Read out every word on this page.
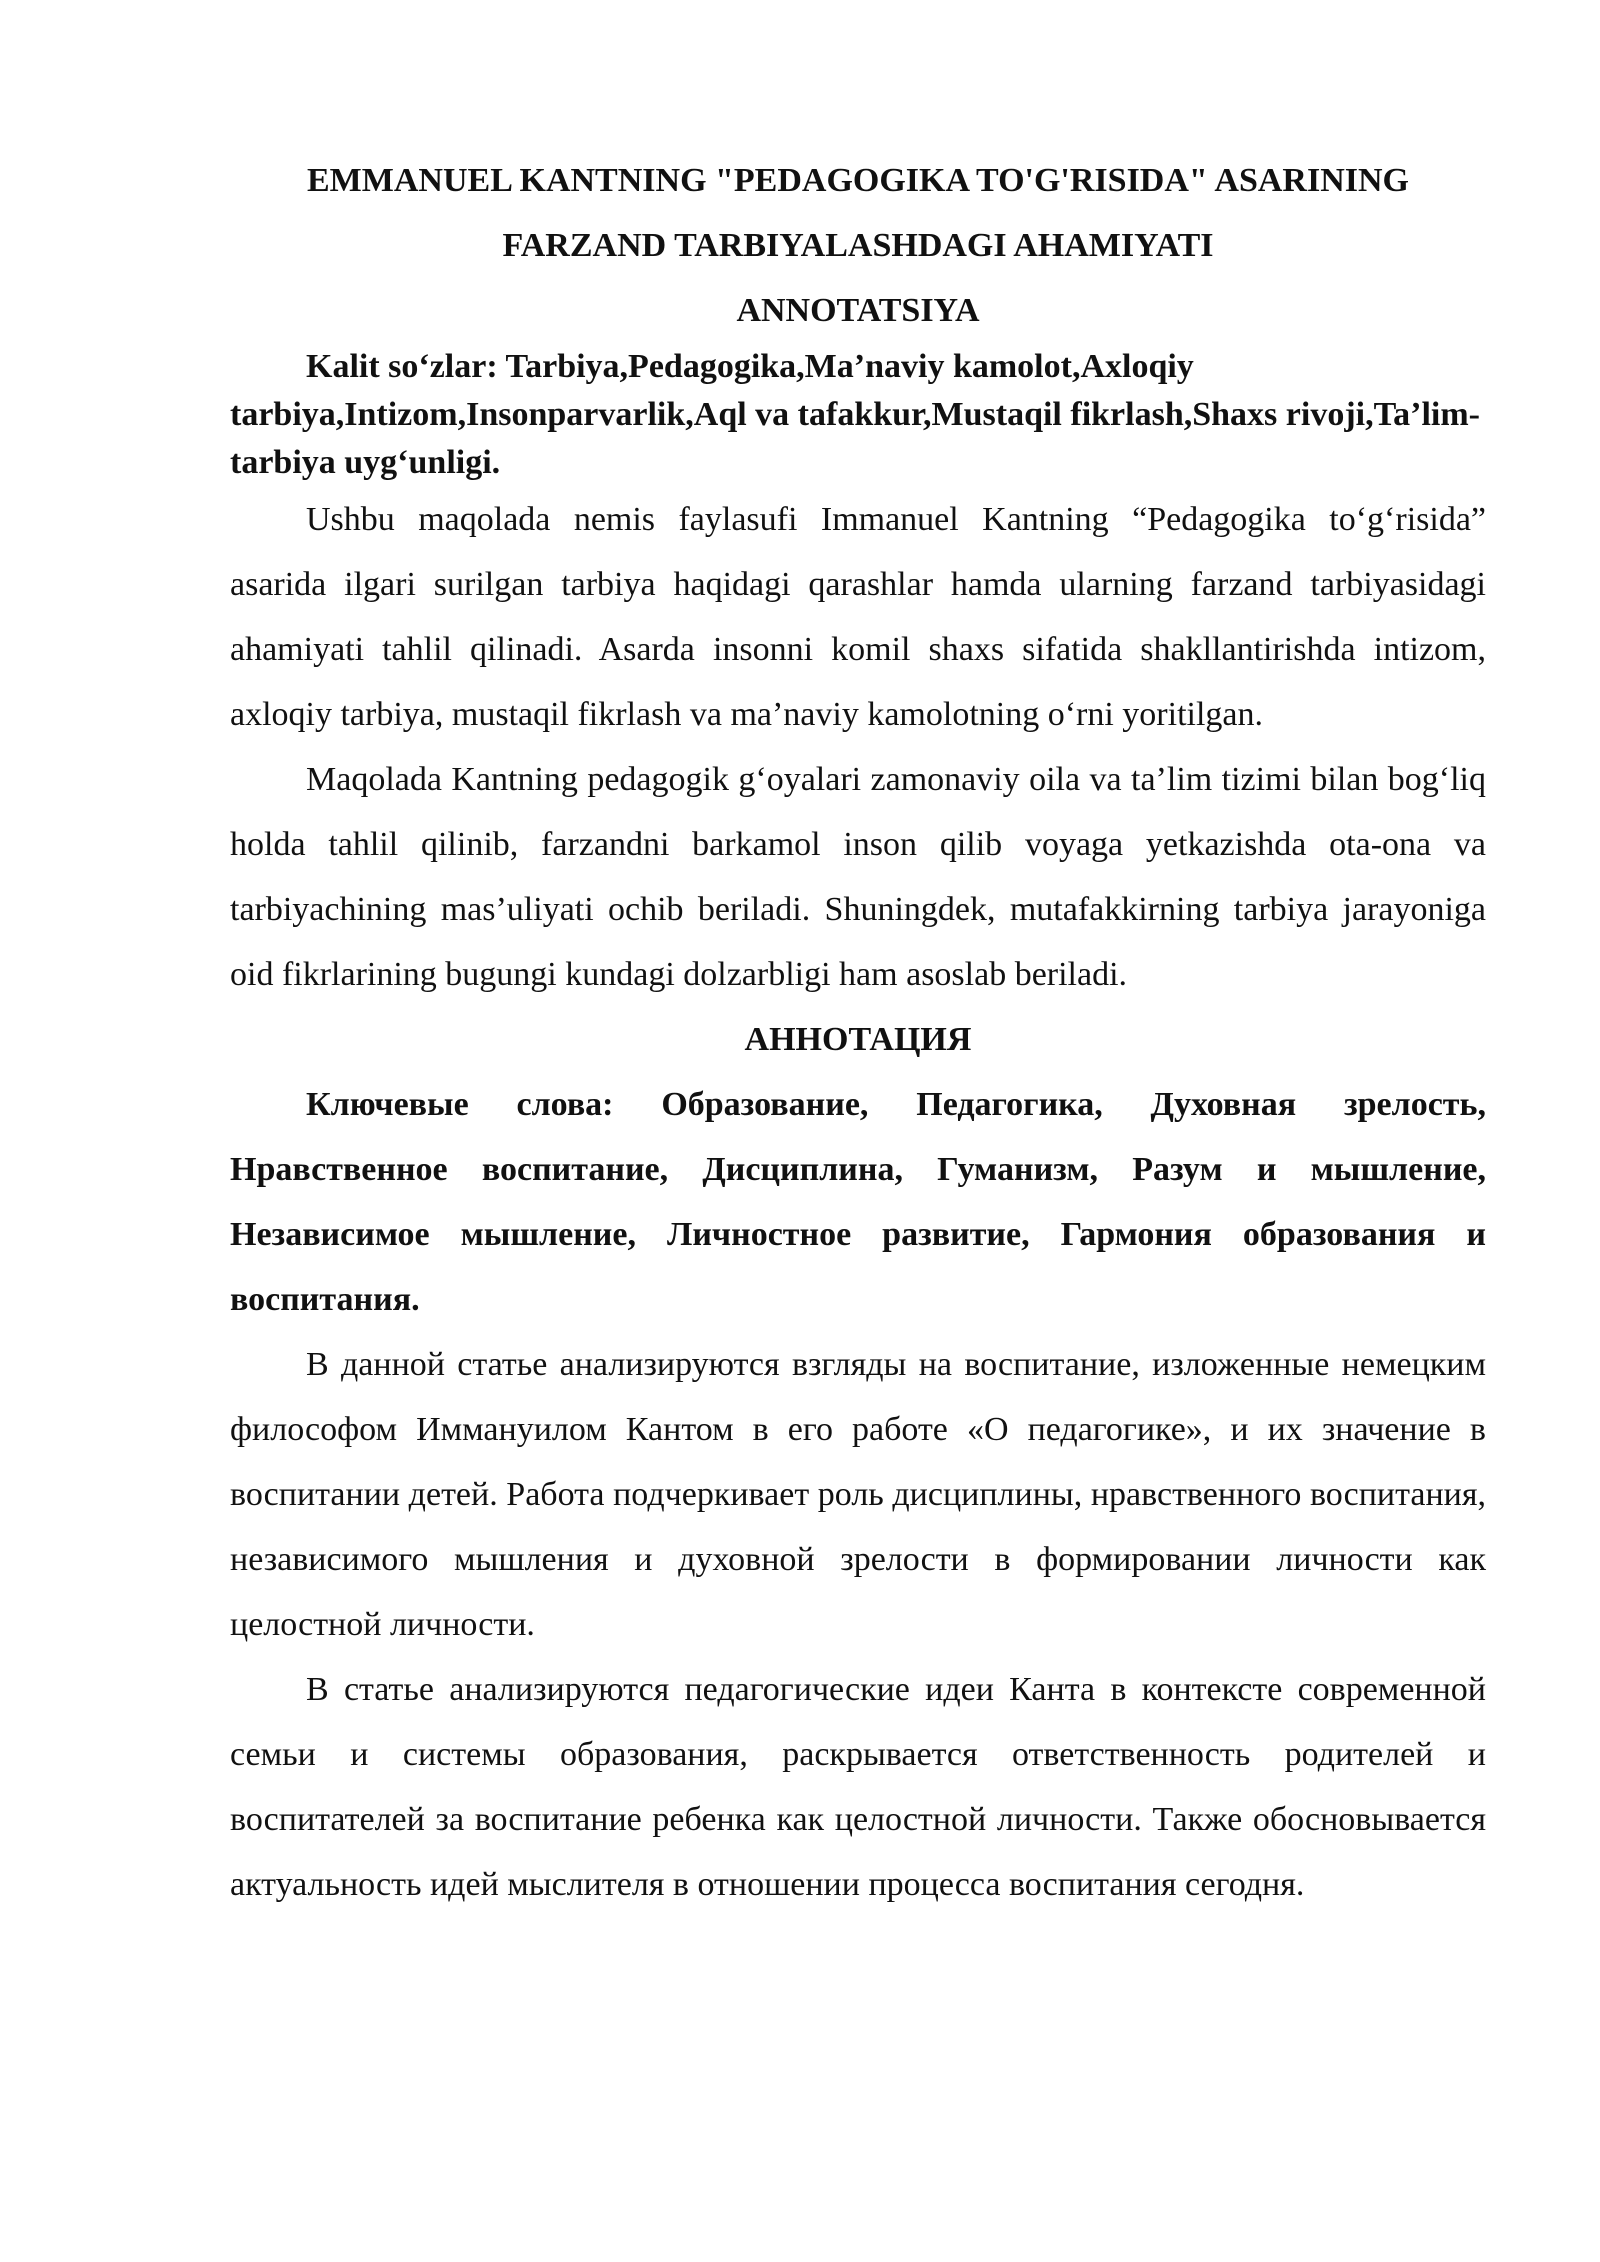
EMMANUEL KANTNING "PEDAGOGIKA TO'G'RISIDA" ASARINING

FARZAND TARBIYALASHDAGI AHAMIYATI

ANNOTATSIYA

Kalit so‘zlar: Tarbiya,Pedagogika,Ma’naviy kamolot,Axloqiy tarbiya,Intizom,Insonparvarlik,Aql va tafakkur,Mustaqil fikrlash,Shaxs rivoji,Ta’lim-tarbiya uyg‘unligi.

Ushbu maqolada nemis faylasufi Immanuel Kantning “Pedagogika to‘g‘risida” asarida ilgari surilgan tarbiya haqidagi qarashlar hamda ularning farzand tarbiyasidagi ahamiyati tahlil qilinadi. Asarda insonni komil shaxs sifatida shakllantirishda intizom, axloqiy tarbiya, mustaqil fikrlash va ma’naviy kamolotning o‘rni yoritilgan.

Maqolada Kantning pedagogik g‘oyalari zamonaviy oila va ta’lim tizimi bilan bog‘liq holda tahlil qilinib, farzandni barkamol inson qilib voyaga yetkazishda ota-ona va tarbiyachining mas’uliyati ochib beriladi. Shuningdek, mutafakkirning tarbiya jarayoniga oid fikrlarining bugungi kundagi dolzarbligi ham asoslab beriladi.

АННОТАЦИЯ

Ключевые слова: Образование, Педагогика, Духовная зрелость, Нравственное воспитание, Дисциплина, Гуманизм, Разум и мышление, Независимое мышление, Личностное развитие, Гармония образования и воспитания.

В данной статье анализируются взгляды на воспитание, изложенные немецким философом Иммануилом Кантом в его работе «О педагогике», и их значение в воспитании детей. Работа подчеркивает роль дисциплины, нравственного воспитания, независимого мышления и духовной зрелости в формировании личности как целостной личности.

В статье анализируются педагогические идеи Канта в контексте современной семьи и системы образования, раскрывается ответственность родителей и воспитателей за воспитание ребенка как целостной личности. Также обосновывается актуальность идей мыслителя в отношении процесса воспитания сегодня.
